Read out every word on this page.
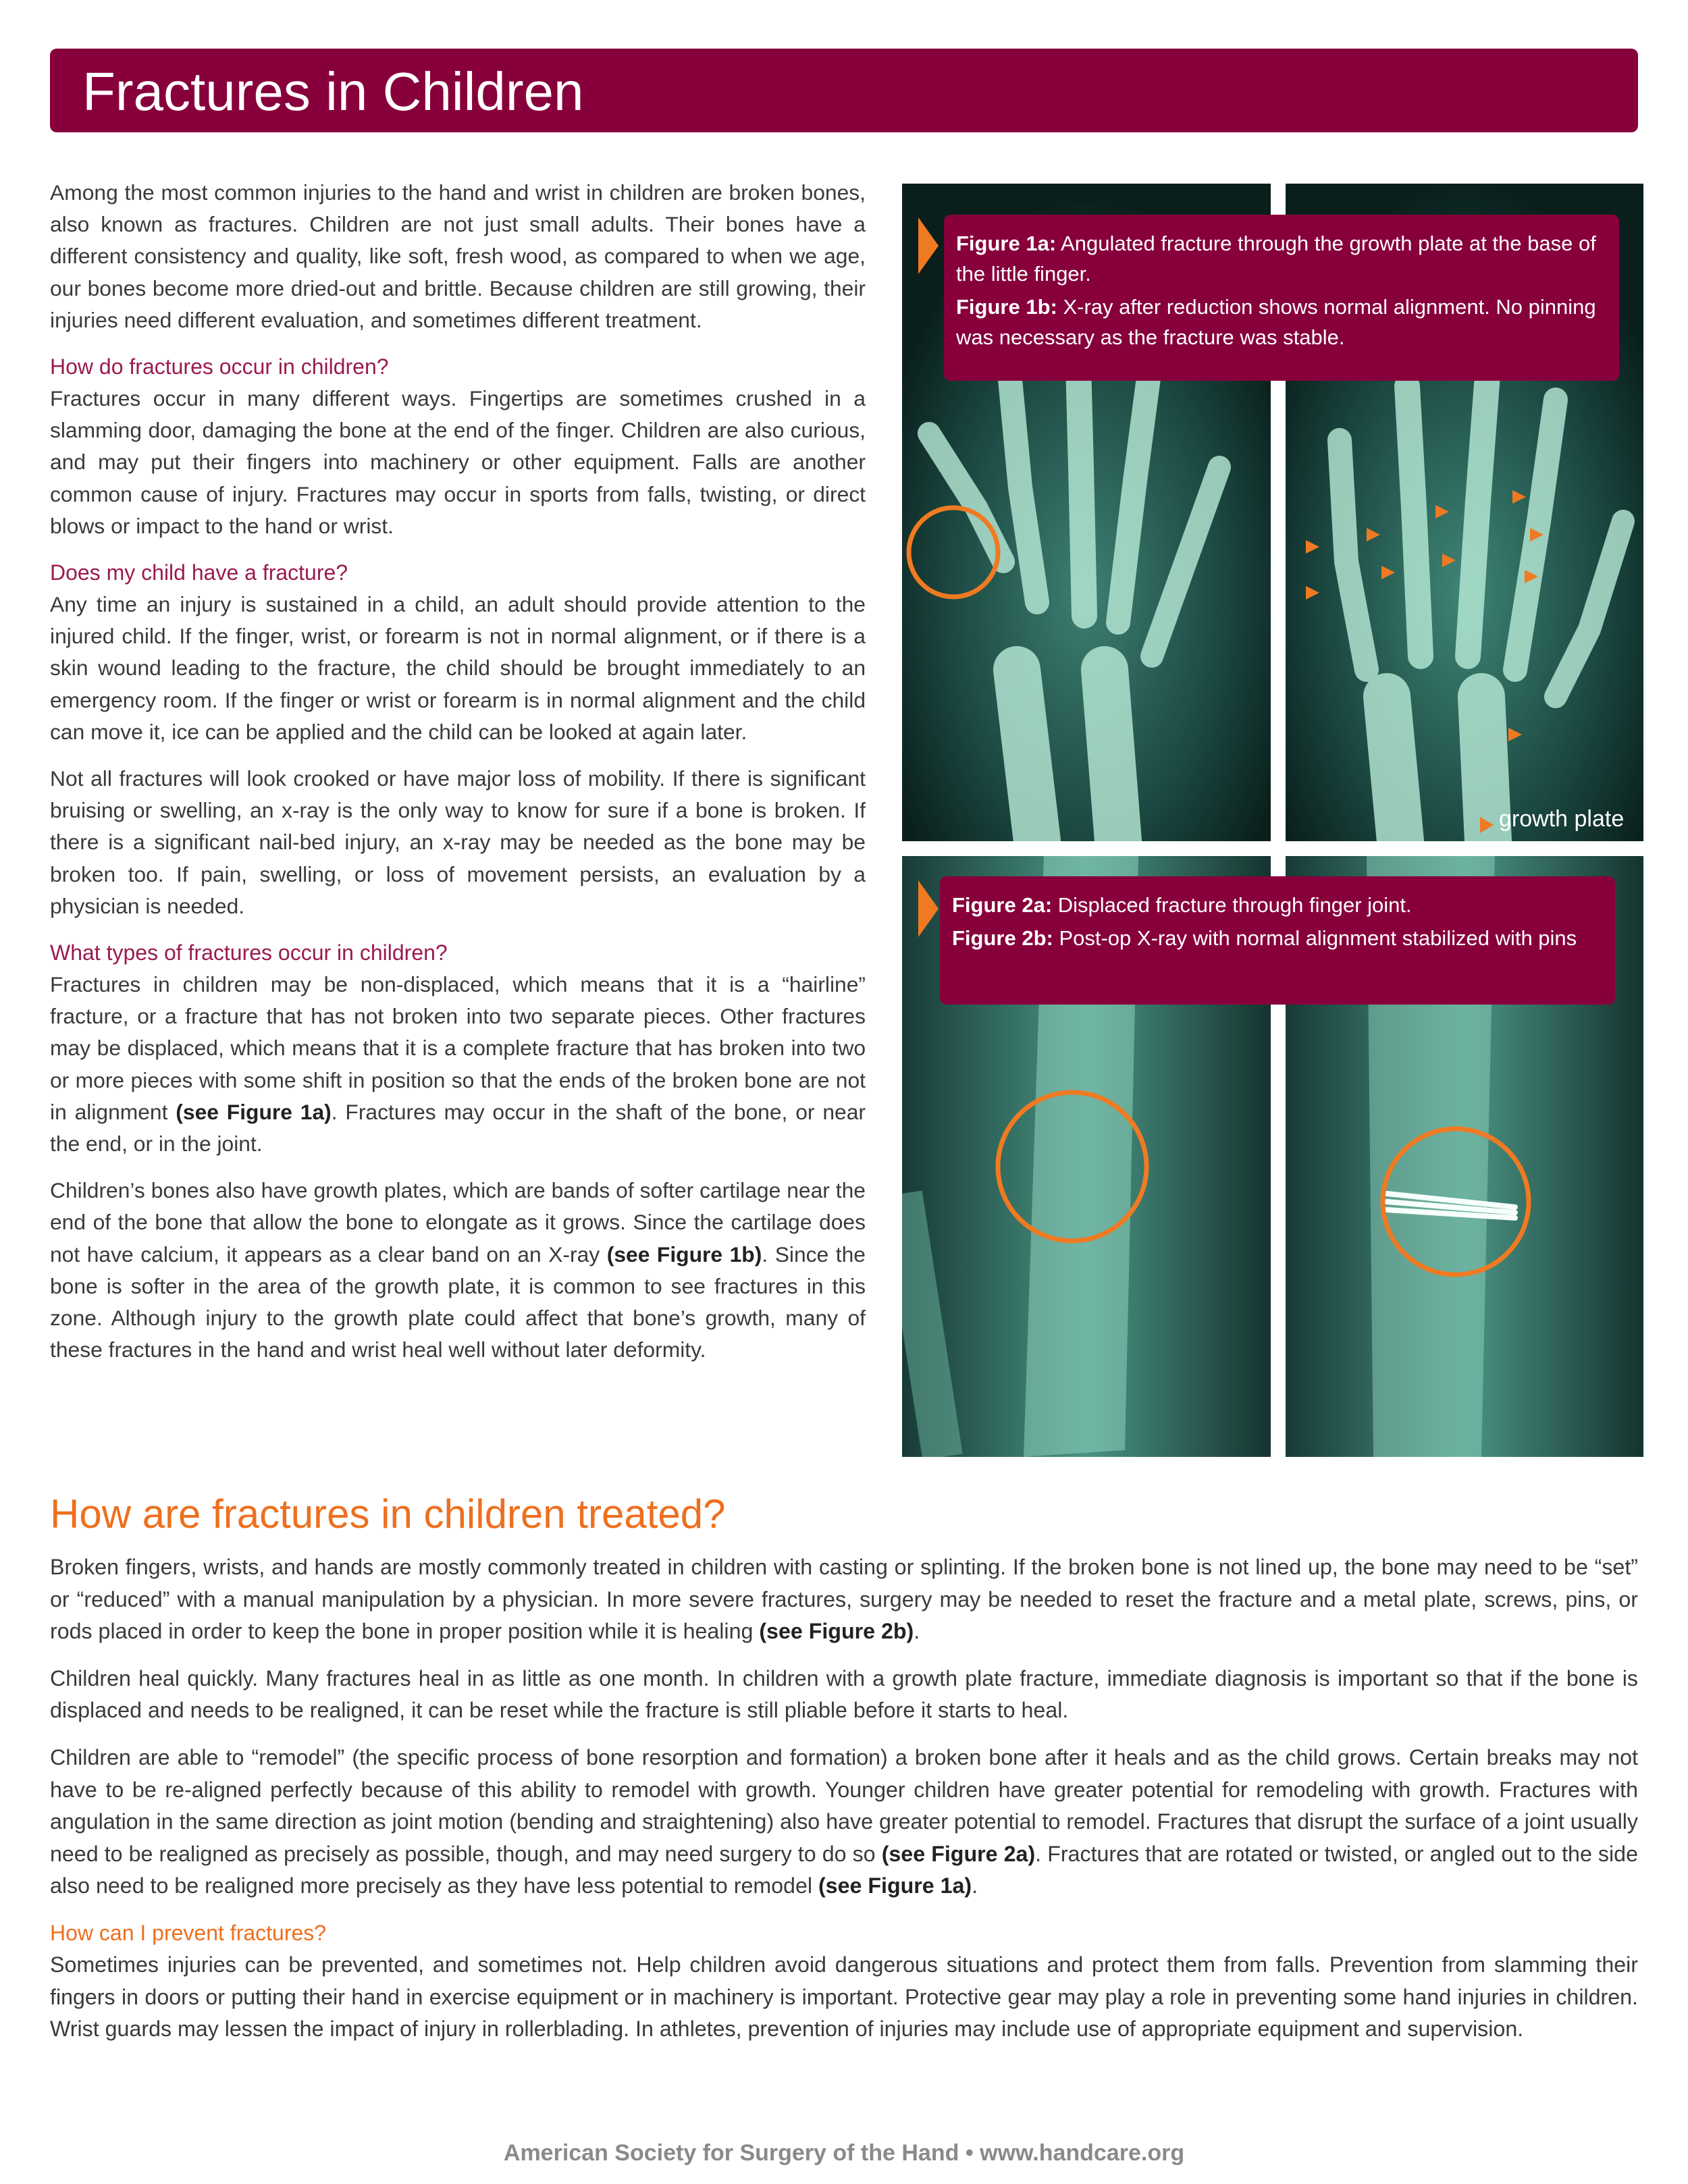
Fractures in Children

Among the most common injuries to the hand and wrist in children are broken bones, also known as fractures. Children are not just small adults. Their bones have a different consistency and quality, like soft, fresh wood, as compared to when we age, our bones become more dried-out and brittle. Because children are still growing, their injuries need different evaluation, and sometimes different treatment.

How do fractures occur in children?

Fractures occur in many different ways. Fingertips are sometimes crushed in a slamming door, damaging the bone at the end of the finger. Children are also curious, and may put their fingers into machinery or other equipment. Falls are another common cause of injury. Fractures may occur in sports from falls, twisting, or direct blows or impact to the hand or wrist.

Does my child have a fracture?

Any time an injury is sustained in a child, an adult should provide attention to the injured child. If the finger, wrist, or forearm is not in normal alignment, or if there is a skin wound leading to the fracture, the child should be brought immediately to an emergency room. If the finger or wrist or forearm is in normal alignment and the child can move it, ice can be applied and the child can be looked at again later.

Not all fractures will look crooked or have major loss of mobility. If there is significant bruising or swelling, an x-ray is the only way to know for sure if a bone is broken. If there is a significant nail-bed injury, an x-ray may be needed as the bone may be broken too. If pain, swelling, or loss of movement persists, an evaluation by a physician is needed.

What types of fractures occur in children?

Fractures in children may be non-displaced, which means that it is a “hairline” fracture, or a fracture that has not broken into two separate pieces. Other fractures may be displaced, which means that it is a complete fracture that has broken into two or more pieces with some shift in position so that the ends of the broken bone are not in alignment (see Figure 1a). Fractures may occur in the shaft of the bone, or near the end, or in the joint.

Children’s bones also have growth plates, which are bands of softer cartilage near the end of the bone that allow the bone to elongate as it grows. Since the cartilage does not have calcium, it appears as a clear band on an X-ray (see Figure 1b). Since the bone is softer in the area of the growth plate, it is common to see fractures in this zone. Although injury to the growth plate could affect that bone’s growth, many of these fractures in the hand and wrist heal well without later deformity.

Figure 1a: Angulated fracture through the growth plate at the base of the little finger.
Figure 1b: X-ray after reduction shows normal alignment. No pinning was necessary as the fracture was stable.
growth plate
Figure 2a: Displaced fracture through finger joint.
Figure 2b: Post-op X-ray with normal alignment stabilized with pins
How are fractures in children treated?

Broken fingers, wrists, and hands are mostly commonly treated in children with casting or splinting. If the broken bone is not lined up, the bone may need to be “set” or “reduced” with a manual manipulation by a physician. In more severe fractures, surgery may be needed to reset the fracture and a metal plate, screws, pins, or rods placed in order to keep the bone in proper position while it is healing (see Figure 2b).

Children heal quickly. Many fractures heal in as little as one month. In children with a growth plate fracture, immediate diagnosis is important so that if the bone is displaced and needs to be realigned, it can be reset while the fracture is still pliable before it starts to heal.

Children are able to “remodel” (the specific process of bone resorption and formation) a broken bone after it heals and as the child grows. Certain breaks may not have to be re-aligned perfectly because of this ability to remodel with growth. Younger children have greater potential for remodeling with growth. Fractures with angulation in the same direction as joint motion (bending and straightening) also have greater potential to remodel. Fractures that disrupt the surface of a joint usually need to be realigned as precisely as possible, though, and may need surgery to do so (see Figure 2a). Fractures that are rotated or twisted, or angled out to the side also need to be realigned more precisely as they have less potential to remodel (see Figure 1a).

How can I prevent fractures?

Sometimes injuries can be prevented, and sometimes not. Help children avoid dangerous situations and protect them from falls. Prevention from slamming their fingers in doors or putting their hand in exercise equipment or in machinery is important. Protective gear may play a role in preventing some hand injuries in children. Wrist guards may lessen the impact of injury in rollerblading. In athletes, prevention of injuries may include use of appropriate equipment and supervision.

American Society for Surgery of the Hand • www.handcare.org
